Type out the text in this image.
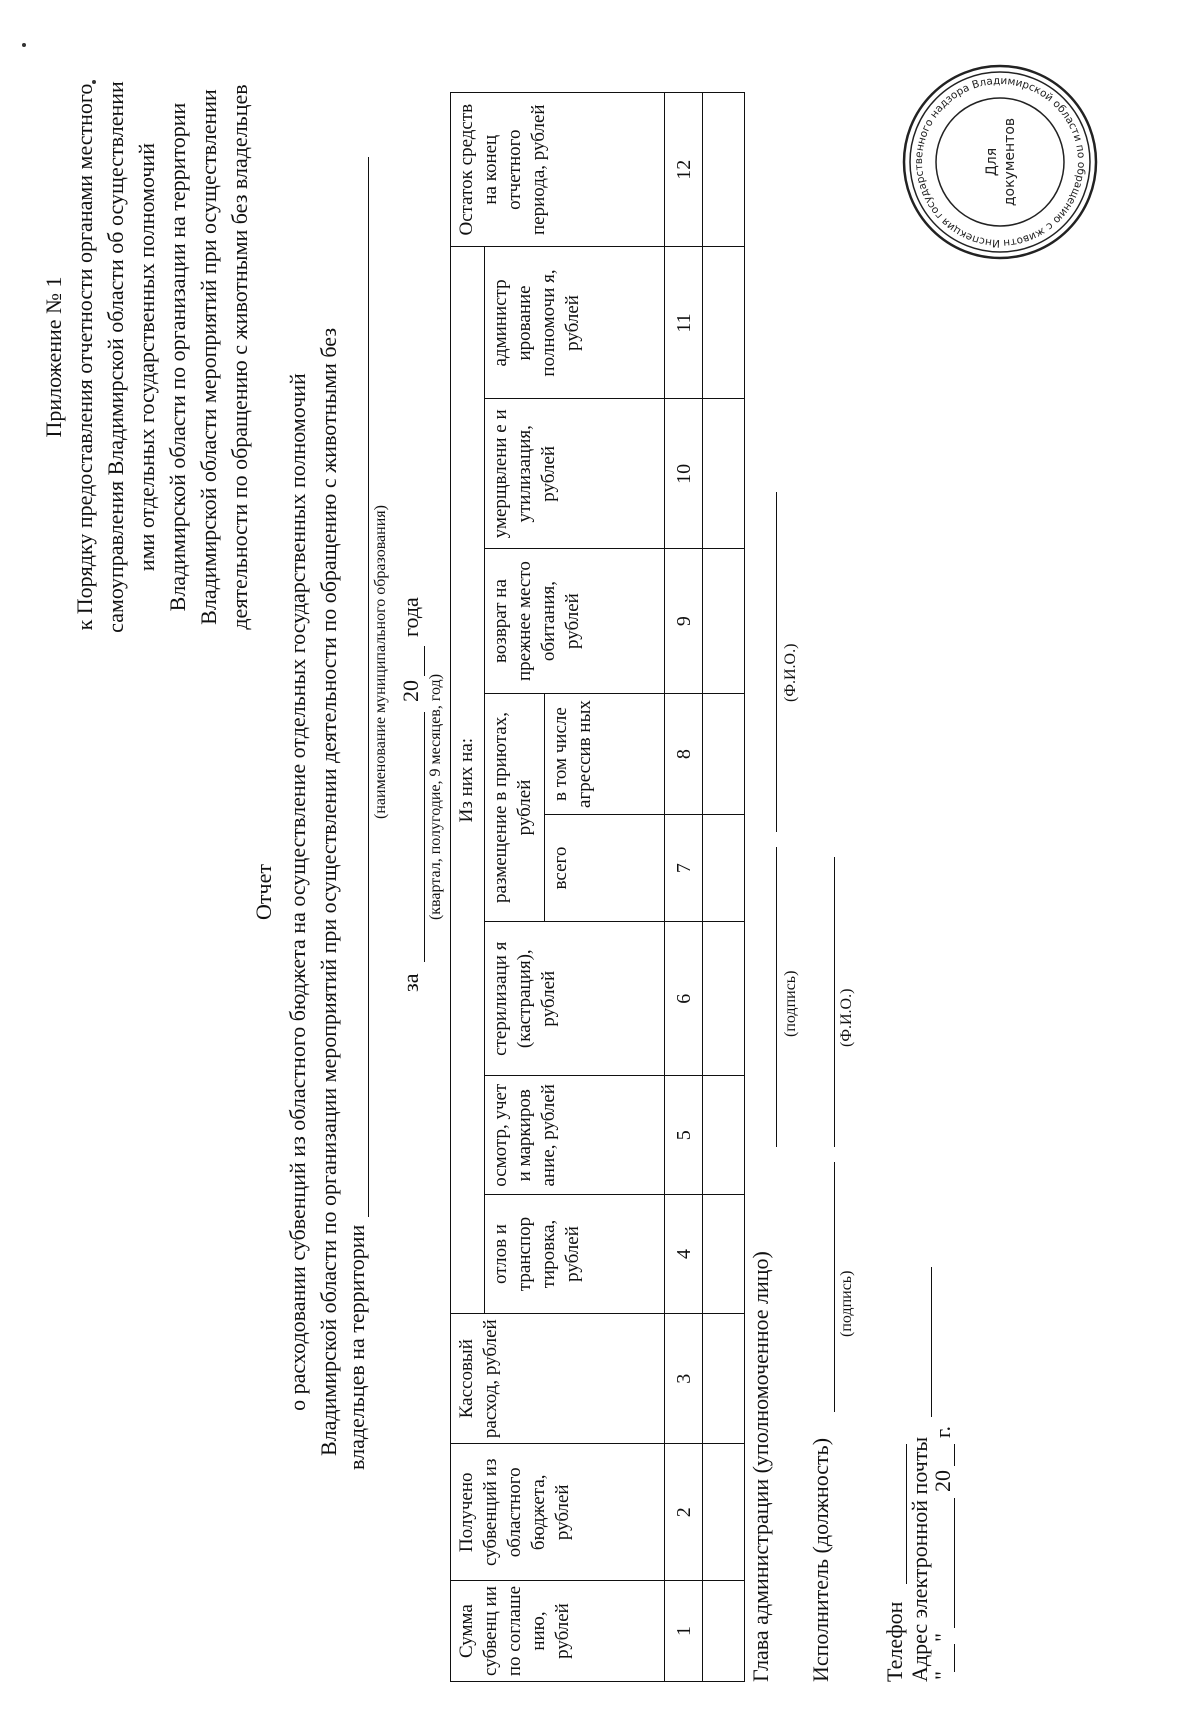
Приложение № 1 к Порядку предоставления отчетности органами местного самоуправления Владимирской области об осуществлении ими отдельных государственных полномочий Владимирской области по организации на территории Владимирской области мероприятий при осуществлении деятельности по обращению с животными без владельцев
Отчет о расходовании субвенций из областного бюджета на осуществление отдельных государственных полномочий Владимирской области по организации мероприятий при осуществлении деятельности по обращению с животными без владельцев на территории
(наименование муниципального образования)
за
20
года
(квартал, полугодие, 9 месяцев, год)
Сумма субвенц ии по соглаше нию, рублей	Получено субвенций из областного бюджета, рублей	Кассовый расход, рублей	Из них на:								Остаток средств на конец отчетного периода, рублей
			отлов и транспор тировка, рублей	осмотр, учет и маркиров ание, рублей	стерилизаци я (кастрация), рублей	размещение в приютах, рублей		возврат на прежнее место обитания, рублей	умерщвлени е и утилизация, рублей	администр ирование полномочи я, рублей	
						всего	в том числе агрессив ных				
1	2	3	4	5	6	7	8	9	10	11	12

Глава администрации (уполномоченное лицо)
(подпись)
(Ф.И.О.)
Исполнитель (должность)
(подпись)
(Ф.И.О.)
Телефон Адрес электронной почты
"
"
20
г.
Инспекция государственного надзора Владимирской области по обращению с животн
Для документов
